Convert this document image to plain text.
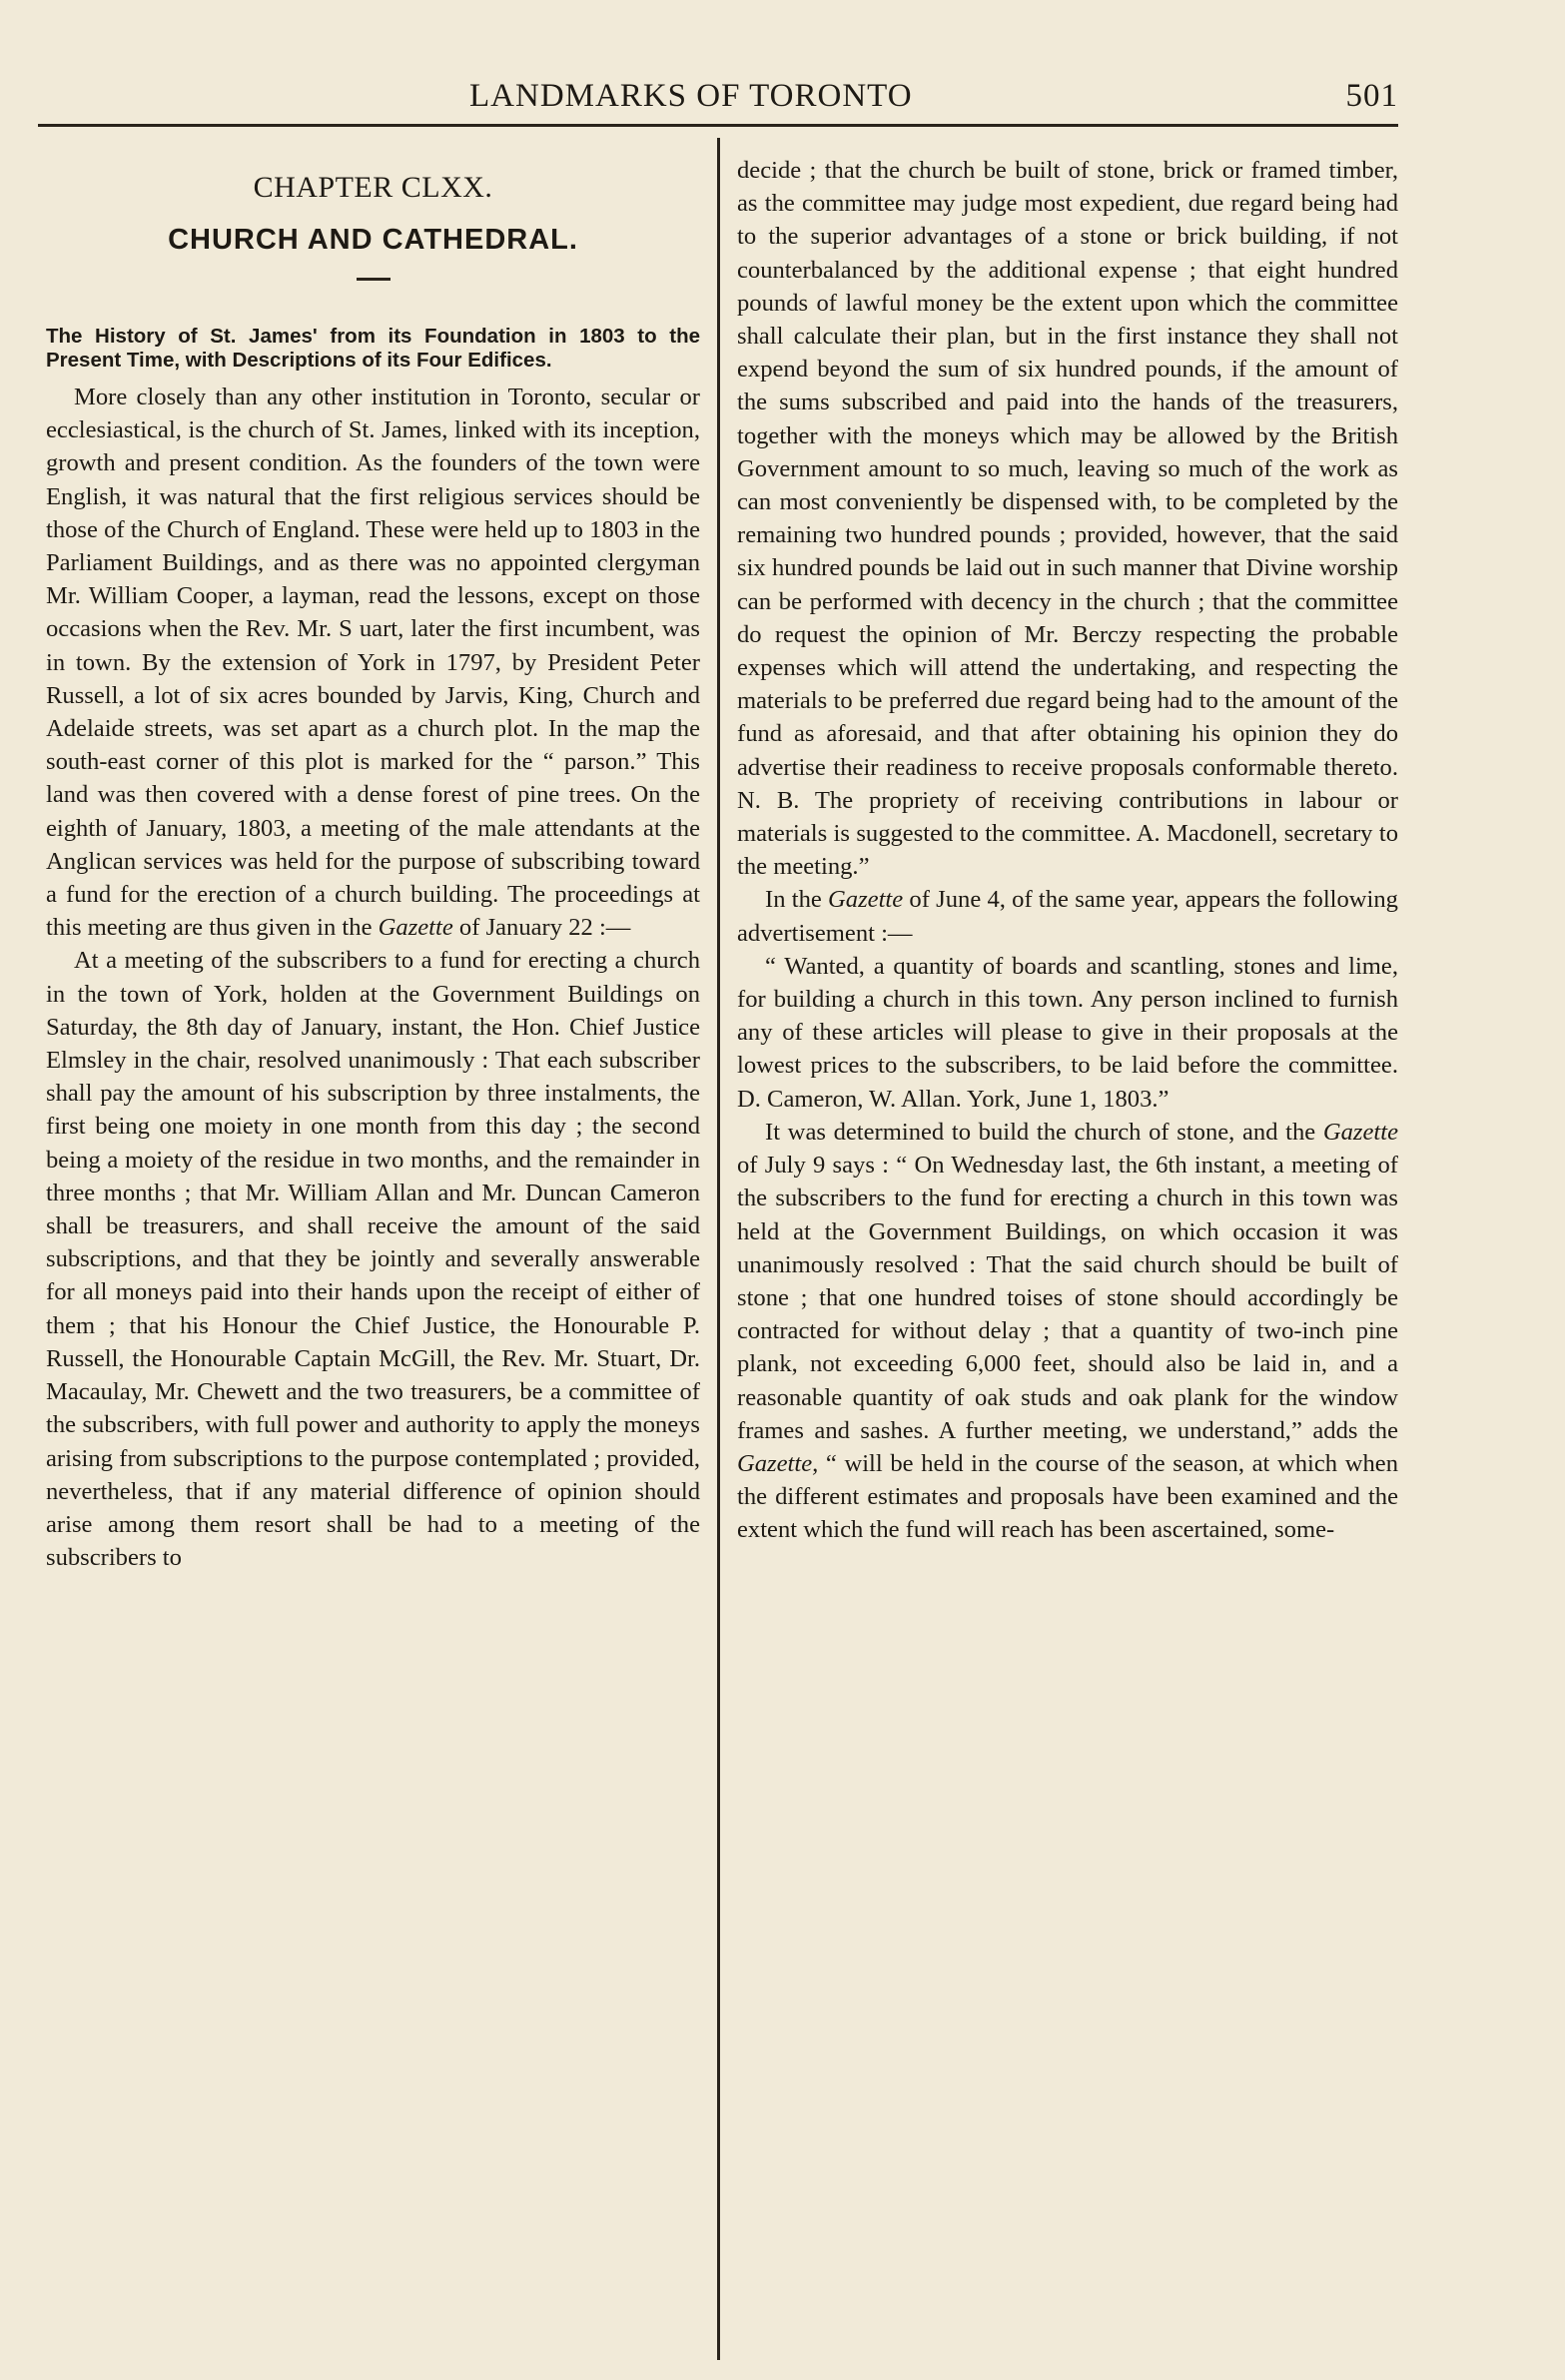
LANDMARKS OF TORONTO	501
CHAPTER CLXX.
CHURCH AND CATHEDRAL.

The History of St. James' from its Foundation in 1803 to the Present Time, with Descriptions of its Four Edifices.

More closely than any other institution in Toronto, secular or ecclesiastical, is the church of St. James, linked with its inception, growth and present condition. As the founders of the town were English, it was natural that the first religious services should be those of the Church of England. These were held up to 1803 in the Parliament Buildings, and as there was no appointed clergyman Mr. William Cooper, a layman, read the lessons, except on those occasions when the Rev. Mr. S uart, later the first incumbent, was in town. By the extension of York in 1797, by President Peter Russell, a lot of six acres bounded by Jarvis, King, Church and Adelaide streets, was set apart as a church plot. In the map the south-east corner of this plot is marked for the “ parson.” This land was then covered with a dense forest of pine trees. On the eighth of January, 1803, a meeting of the male attendants at the Anglican services was held for the purpose of subscribing toward a fund for the erection of a church building. The proceedings at this meeting are thus given in the Gazette of January 22 :—

At a meeting of the subscribers to a fund for erecting a church in the town of York, holden at the Government Buildings on Saturday, the 8th day of January, instant, the Hon. Chief Justice Elmsley in the chair, resolved unanimously : That each subscriber shall pay the amount of his subscription by three instalments, the first being one moiety in one month from this day ; the second being a moiety of the residue in two months, and the remainder in three months ; that Mr. William Allan and Mr. Duncan Cameron shall be treasurers, and shall receive the amount of the said subscriptions, and that they be jointly and severally answerable for all moneys paid into their hands upon the receipt of either of them ; that his Honour the Chief Justice, the Honourable P. Russell, the Honourable Captain McGill, the Rev. Mr. Stuart, Dr. Macaulay, Mr. Chewett and the two treasurers, be a committee of the subscribers, with full power and authority to apply the moneys arising from subscriptions to the purpose contemplated ; provided, nevertheless, that if any material difference of opinion should arise among them resort shall be had to a meeting of the subscribers to

decide ; that the church be built of stone, brick or framed timber, as the committee may judge most expedient, due regard being had to the superior advantages of a stone or brick building, if not counterbalanced by the additional expense ; that eight hundred pounds of lawful money be the extent upon which the committee shall calculate their plan, but in the first instance they shall not expend beyond the sum of six hundred pounds, if the amount of the sums subscribed and paid into the hands of the treasurers, together with the moneys which may be allowed by the British Government amount to so much, leaving so much of the work as can most conveniently be dispensed with, to be completed by the remaining two hundred pounds ; provided, however, that the said six hundred pounds be laid out in such manner that Divine worship can be performed with decency in the church ; that the committee do request the opinion of Mr. Berczy respecting the probable expenses which will attend the undertaking, and respecting the materials to be preferred due regard being had to the amount of the fund as aforesaid, and that after obtaining his opinion they do advertise their readiness to receive proposals conformable thereto. N. B. The propriety of receiving contributions in labour or materials is suggested to the committee. A. Macdonell, secretary to the meeting.”

In the Gazette of June 4, of the same year, appears the following advertisement :—

“ Wanted, a quantity of boards and scantling, stones and lime, for building a church in this town. Any person inclined to furnish any of these articles will please to give in their proposals at the lowest prices to the subscribers, to be laid before the committee. D. Cameron, W. Allan. York, June 1, 1803.”

It was determined to build the church of stone, and the Gazette of July 9 says : “ On Wednesday last, the 6th instant, a meeting of the subscribers to the fund for erecting a church in this town was held at the Government Buildings, on which occasion it was unanimously resolved : That the said church should be built of stone ; that one hundred toises of stone should accordingly be contracted for without delay ; that a quantity of two-inch pine plank, not exceeding 6,000 feet, should also be laid in, and a reasonable quantity of oak studs and oak plank for the window frames and sashes. A further meeting, we understand,” adds the Gazette, “ will be held in the course of the season, at which when the different estimates and proposals have been examined and the extent which the fund will reach has been ascertained, some-
